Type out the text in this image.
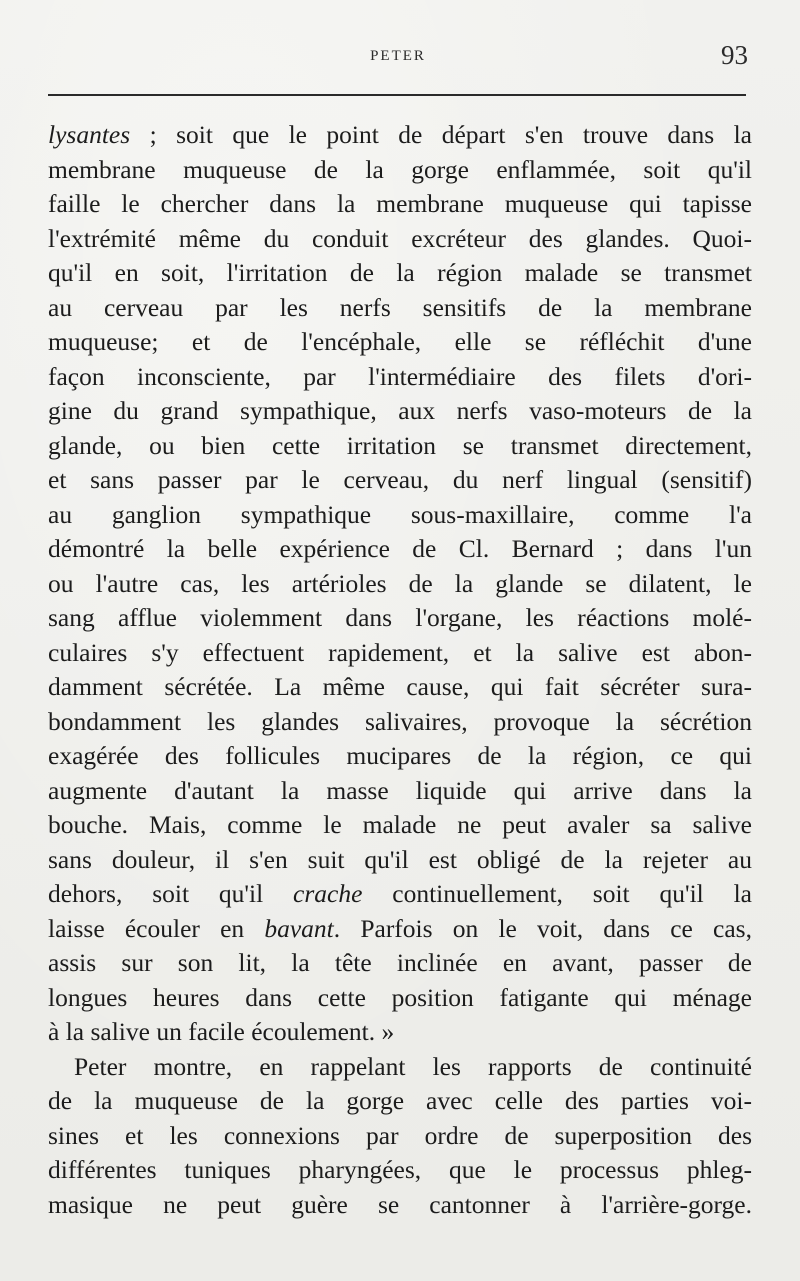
PETER	93
lysantes ; soit que le point de départ s'en trouve dans la
membrane muqueuse de la gorge enflammée, soit qu'il
faille le chercher dans la membrane muqueuse qui tapisse
l'extrémité même du conduit excréteur des glandes. Quoi-
qu'il en soit, l'irritation de la région malade se transmet
au cerveau par les nerfs sensitifs de la membrane
muqueuse; et de l'encéphale, elle se réfléchit d'une
façon inconsciente, par l'intermédiaire des filets d'ori-
gine du grand sympathique, aux nerfs vaso-moteurs de la
glande, ou bien cette irritation se transmet directement,
et sans passer par le cerveau, du nerf lingual (sensitif)
au ganglion sympathique sous-maxillaire, comme l'a
démontré la belle expérience de Cl. Bernard ; dans l'un
ou l'autre cas, les artérioles de la glande se dilatent, le
sang afflue violemment dans l'organe, les réactions molé-
culaires s'y effectuent rapidement, et la salive est abon-
damment sécrétée. La même cause, qui fait sécréter sura-
bondamment les glandes salivaires, provoque la sécrétion
exagérée des follicules mucipares de la région, ce qui
augmente d'autant la masse liquide qui arrive dans la
bouche. Mais, comme le malade ne peut avaler sa salive
sans douleur, il s'en suit qu'il est obligé de la rejeter au
dehors, soit qu'il crache continuellement, soit qu'il la
laisse écouler en bavant. Parfois on le voit, dans ce cas,
assis sur son lit, la tête inclinée en avant, passer de
longues heures dans cette position fatigante qui ménage
à la salive un facile écoulement. »
Peter montre, en rappelant les rapports de continuité
de la muqueuse de la gorge avec celle des parties voi-
sines et les connexions par ordre de superposition des
différentes tuniques pharyngées, que le processus phleg-
masique ne peut guère se cantonner à l'arrière-gorge.
